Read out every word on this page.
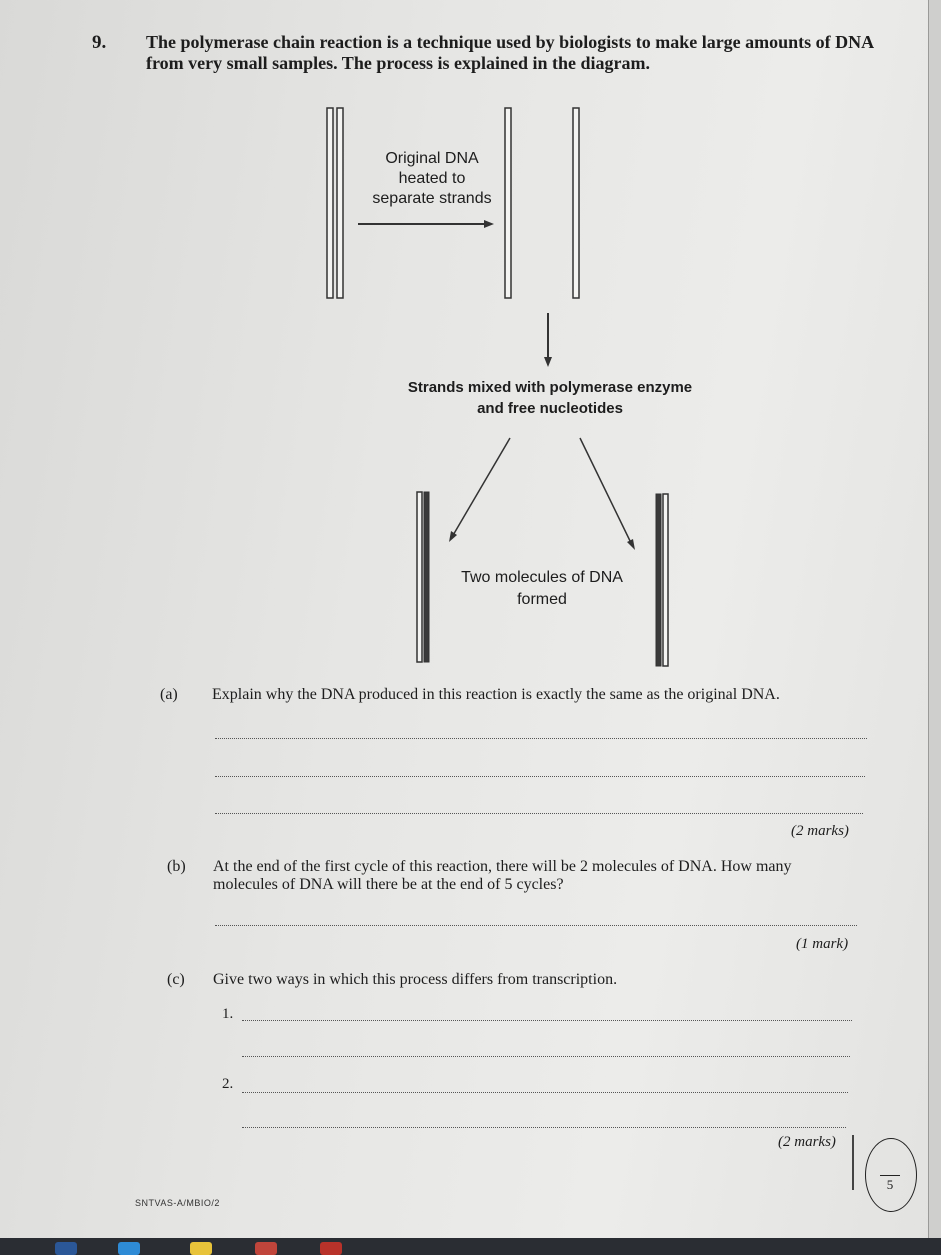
9. The polymerase chain reaction is a technique used by biologists to make large amounts of DNA
from very small samples. The process is explained in the diagram.
Original DNA
heated to
separate strands
Strands mixed with polymerase enzyme
and free nucleotides
Two molecules of DNA
formed
(a) Explain why the DNA produced in this reaction is exactly the same as the original DNA.
(2 marks)
(b) At the end of the first cycle of this reaction, there will be 2 molecules of DNA. How many
molecules of DNA will there be at the end of 5 cycles?
(1 mark)
(c) Give two ways in which this process differs from transcription.
1.
2.
(2 marks)
5
SNTVAS-A/MBIO/2
